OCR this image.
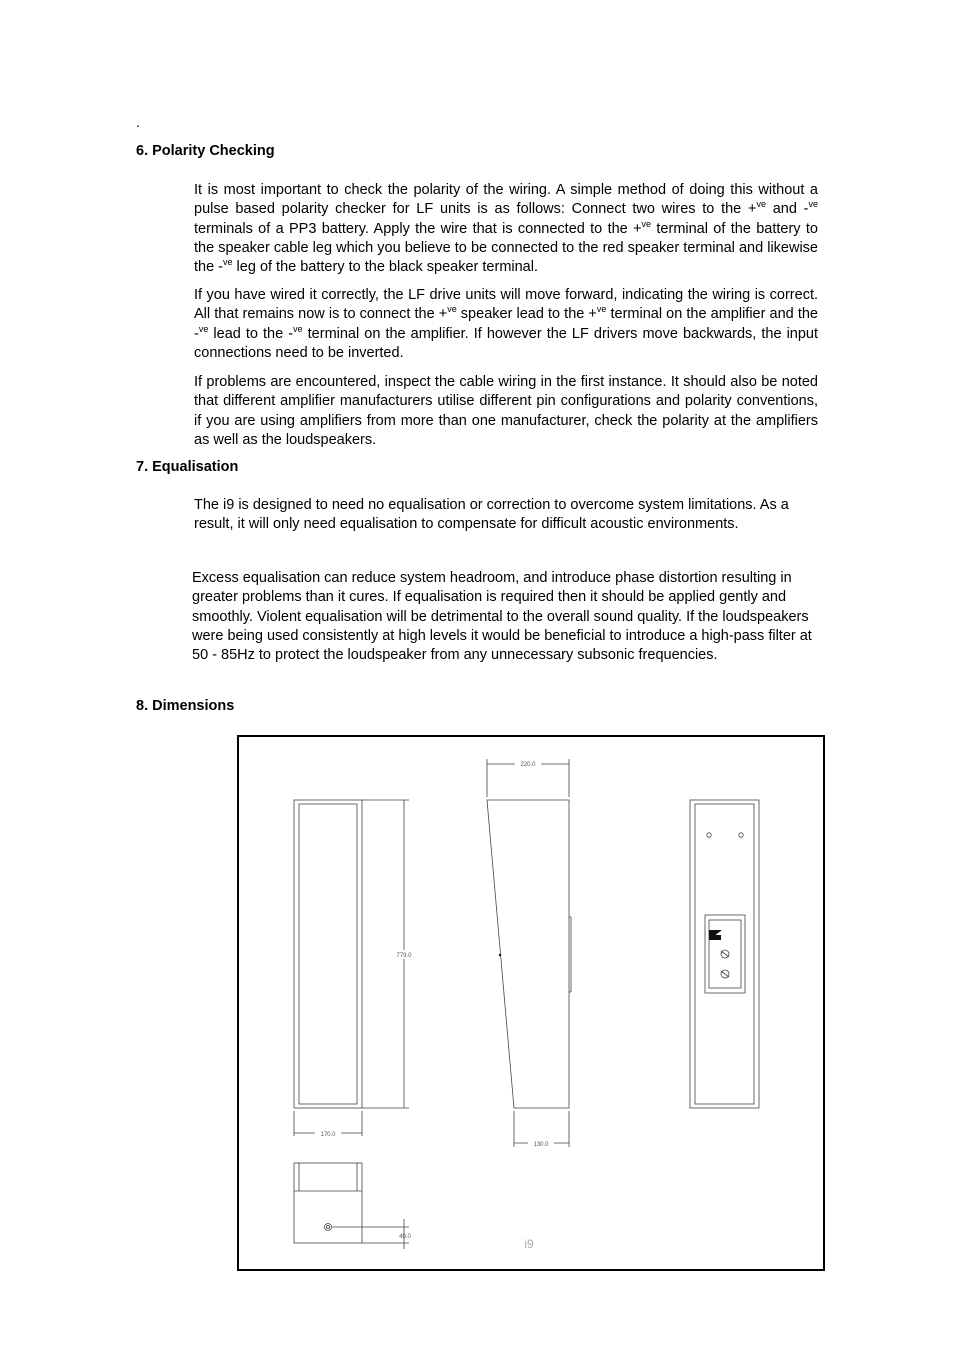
.
6. Polarity Checking

It is most important to check the polarity of the wiring. A simple method of doing this without a pulse based polarity checker for LF units is as follows: Connect two wires to the +$^{ve}$ and -$^{ve}$ terminals of a PP3 battery. Apply the wire that is connected to the +$^{ve}$ terminal of the battery to the speaker cable leg which you believe to be connected to the red speaker terminal and likewise the -$^{ve}$ leg of the battery to the black speaker terminal.

If you have wired it correctly, the LF drive units will move forward, indicating the wiring is correct. All that remains now is to connect the +$^{ve}$ speaker lead to the +$^{ve}$ terminal on the amplifier and the -$^{ve}$ lead to the -$^{ve}$ terminal on the amplifier. If however the LF drivers move backwards, the input connections need to be inverted.

If problems are encountered, inspect the cable wiring in the first instance. It should also be noted that different amplifier manufacturers utilise different pin configurations and polarity conventions, if you are using amplifiers from more than one manufacturer, check the polarity at the amplifiers as well as the loudspeakers.

7. Equalisation

The i9 is designed to need no equalisation or correction to overcome system limitations. As a result, it will only need equalisation to compensate for difficult acoustic environments.

Excess equalisation can reduce system headroom, and introduce phase distortion resulting in greater problems than it cures. If equalisation is required then it should be applied gently and smoothly. Violent equalisation will be detrimental to the overall sound quality. If the loudspeakers were being used consistently at high levels it would be beneficial to introduce a high-pass filter at 50 - 85Hz to protect the loudspeaker from any unnecessary subsonic frequencies.

8. Dimensions
220.0
779.0
170.0
130.0
40.0	i9
